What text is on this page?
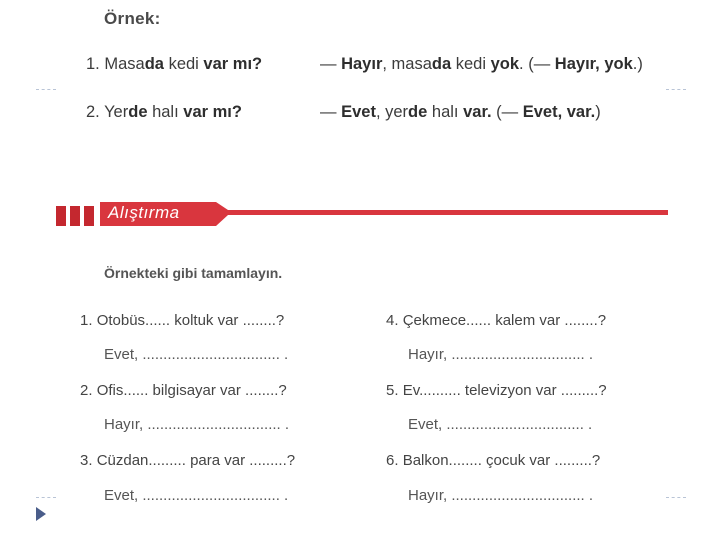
Örnek:
1. Masada kedi var mı?	— Hayır, masada kedi yok. (— Hayır, yok.)
2. Yerde halı var mı?	— Evet, yerde halı var. (— Evet, var.)
Alıştırma
Örnekteki gibi tamamlayın.
1. Otobüs...... koltuk var ........?
Evet, ................................. .
2. Ofis...... bilgisayar var ........?
Hayır, ................................ .
3. Cüzdan......... para var .........?
Evet, ................................. .
4. Çekmece...... kalem var ........?
Hayır, ................................ .
5. Ev.......... televizyon var .........?
Evet, ................................. .
6. Balkon........ çocuk var .........?
Hayır, ................................ .
